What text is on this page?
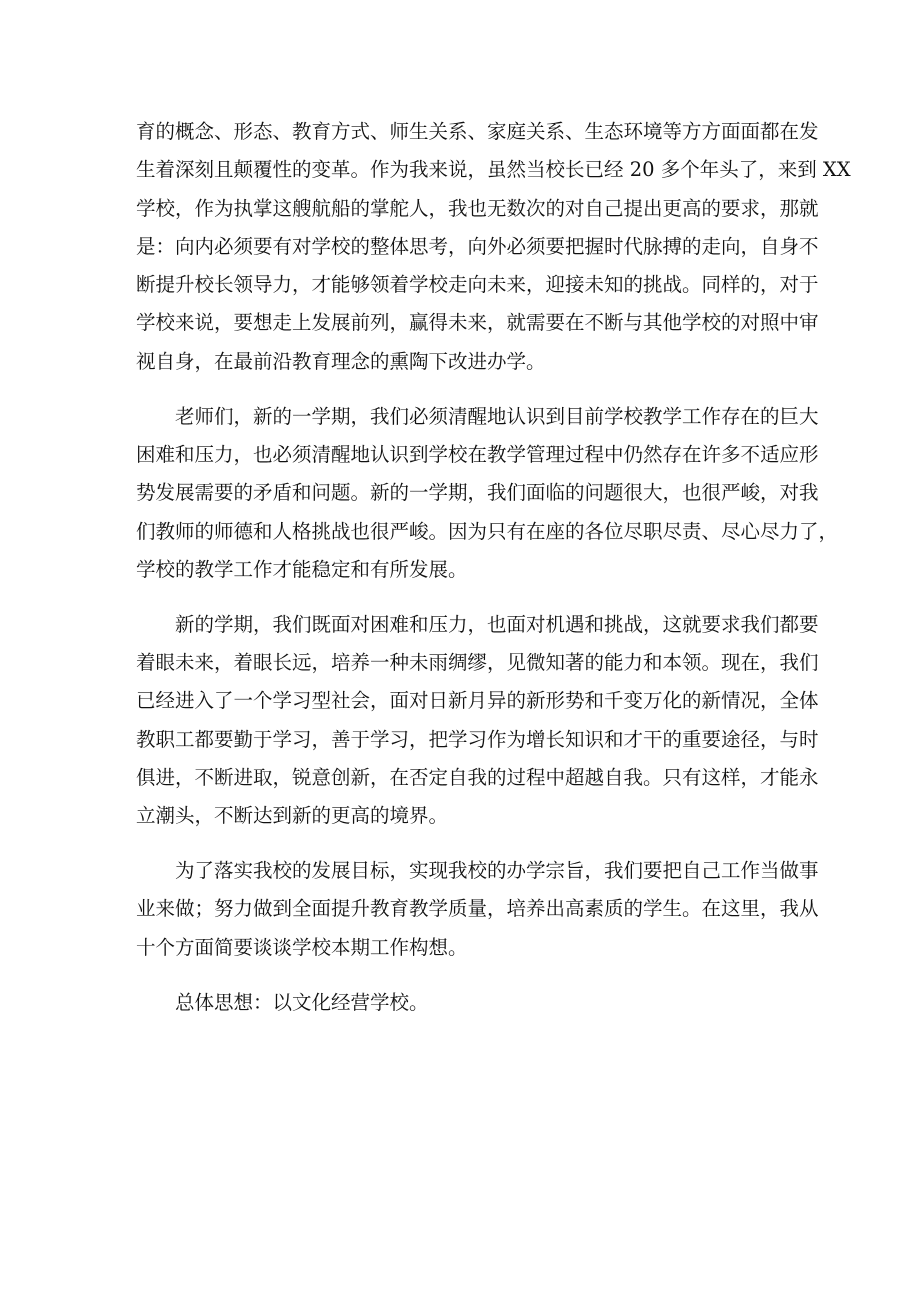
育的概念、形态、教育方式、师生关系、家庭关系、生态环境等方方面面都在发
生着深刻且颠覆性的变革。作为我来说，虽然当校长已经 20 多个年头了，来到 XX
学校，作为执掌这艘航船的掌舵人，我也无数次的对自己提出更高的要求，那就
是：向内必须要有对学校的整体思考，向外必须要把握时代脉搏的走向，自身不
断提升校长领导力，才能够领着学校走向未来，迎接未知的挑战。同样的，对于
学校来说，要想走上发展前列，赢得未来，就需要在不断与其他学校的对照中审
视自身，在最前沿教育理念的熏陶下改进办学。
老师们，新的一学期，我们必须清醒地认识到目前学校教学工作存在的巨大
困难和压力，也必须清醒地认识到学校在教学管理过程中仍然存在许多不适应形
势发展需要的矛盾和问题。新的一学期，我们面临的问题很大，也很严峻，对我
们教师的师德和人格挑战也很严峻。因为只有在座的各位尽职尽责、尽心尽力了，
学校的教学工作才能稳定和有所发展。
新的学期，我们既面对困难和压力，也面对机遇和挑战，这就要求我们都要
着眼未来，着眼长远，培养一种未雨绸缪，见微知著的能力和本领。现在，我们
已经进入了一个学习型社会，面对日新月异的新形势和千变万化的新情况，全体
教职工都要勤于学习，善于学习，把学习作为增长知识和才干的重要途径，与时
俱进，不断进取，锐意创新，在否定自我的过程中超越自我。只有这样，才能永
立潮头，不断达到新的更高的境界。
为了落实我校的发展目标，实现我校的办学宗旨，我们要把自己工作当做事
业来做；努力做到全面提升教育教学质量，培养出高素质的学生。在这里，我从
十个方面简要谈谈学校本期工作构想。
总体思想：以文化经营学校。
